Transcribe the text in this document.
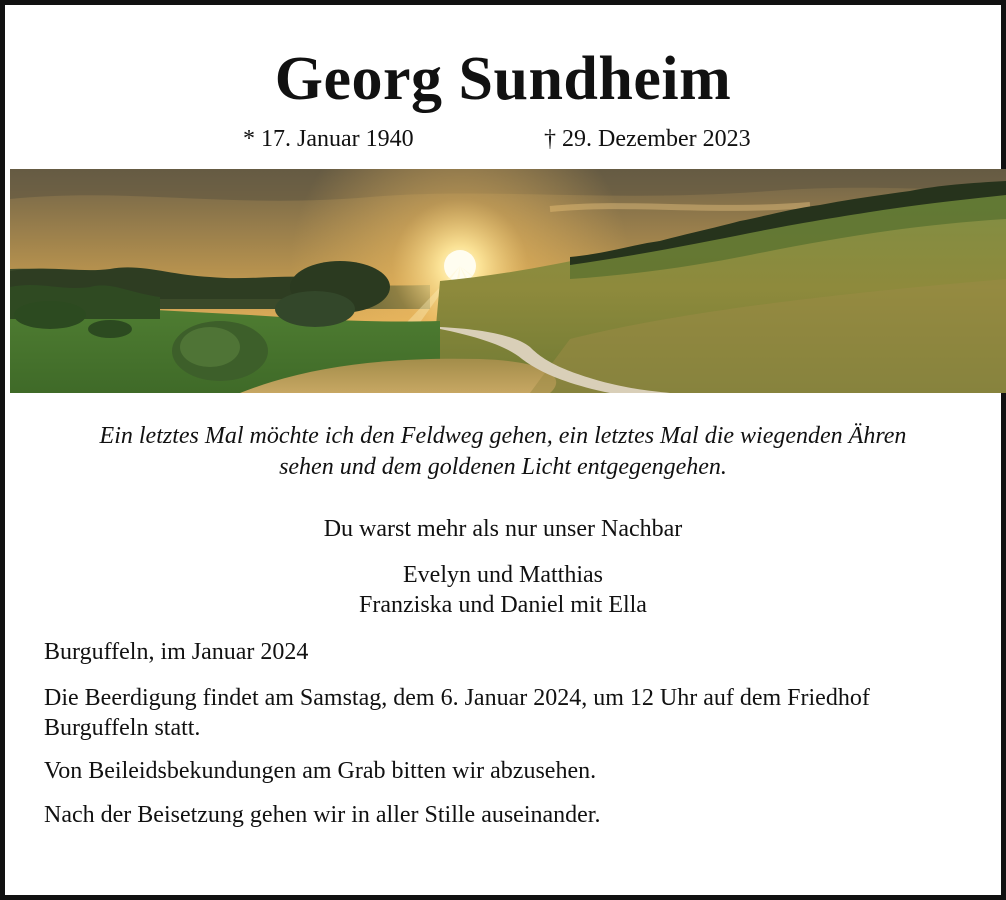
Georg Sundheim
* 17. Januar 1940	† 29. Dezember 2023
Ein letztes Mal möchte ich den Feldweg gehen, ein letztes Mal die wiegenden Ähren
sehen und dem goldenen Licht entgegengehen.
Du warst mehr als nur unser Nachbar
Evelyn und Matthias
Franziska und Daniel mit Ella
Burguffeln, im Januar 2024
Die Beerdigung findet am Samstag, dem 6. Januar 2024, um 12 Uhr auf dem Friedhof Burguffeln statt.
Von Beileidsbekundungen am Grab bitten wir abzusehen.
Nach der Beisetzung gehen wir in aller Stille auseinander.
